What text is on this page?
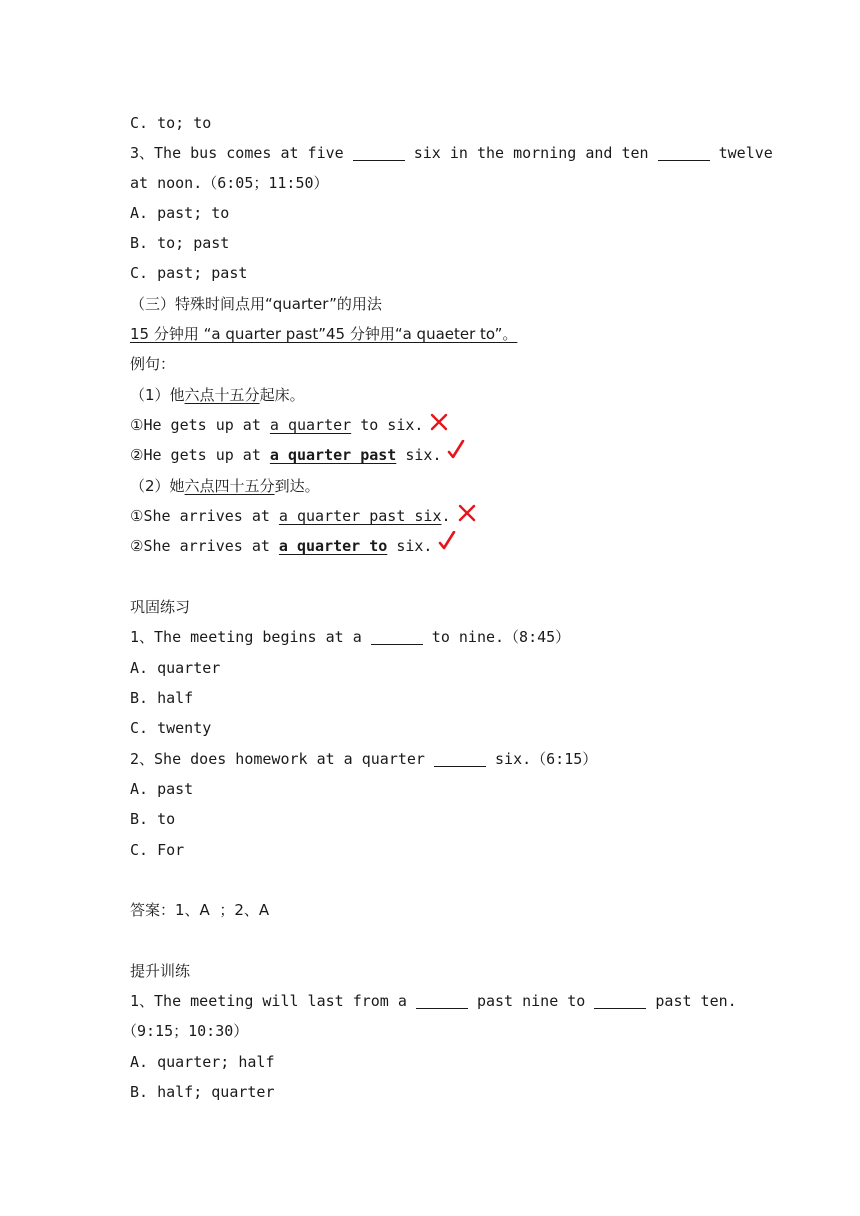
C. to; to
3、The bus comes at five	six in the morning and ten	twelve
at noon.（6:05；11:50）
A. past; to
B. to; past
C. past; past
（三）特殊时间点用“quarter”的用法
15 分钟用 “a quarter past”45 分钟用“a quaeter to”。
例句：
（1）他六点十五分起床。
①He gets up at a quarter to six.
②He gets up at a quarter past six.
（2）她六点四十五分到达。
①She arrives at a quarter past six.
②She arrives at a quarter to six.
巩固练习
1、The meeting begins at a	to nine.（8:45）
A. quarter
B. half
C. twenty
2、She does homework at a quarter	six.（6:15）
A. past
B. to
C. For
答案：1、A  ；2、A
提升训练
1、The meeting will last from a	past nine to	past ten.
（9:15；10:30）
A. quarter; half
B. half; quarter
